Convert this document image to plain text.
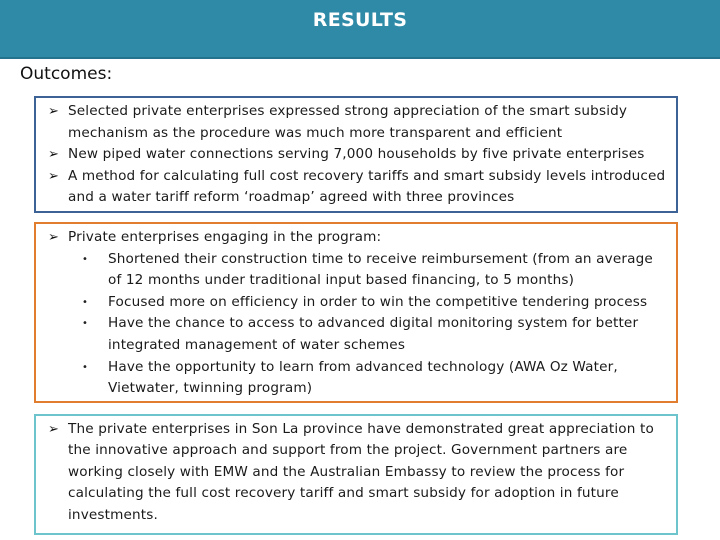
RESULTS
Outcomes:
➢ Selected private enterprises expressed strong appreciation of the smart subsidy mechanism as the procedure was much more transparent and efficient
➢ New piped water connections serving 7,000 households by five private enterprises
➢ A method for calculating full cost recovery tariffs and smart subsidy levels introduced and a water tariff reform ‘roadmap’ agreed with three provinces
➢ Private enterprises engaging in the program:
•	Shortened their construction time to receive reimbursement (from an average of 12 months under traditional input based financing, to 5 months)
•	Focused more on efficiency in order to win the competitive tendering process
•	Have the chance to access to advanced digital monitoring system for better integrated management of water schemes
•	Have the opportunity to learn from advanced technology (AWA Oz Water, Vietwater, twinning program)
➢ The private enterprises in Son La province have demonstrated great appreciation to the innovative approach and support from the project. Government partners are working closely with EMW and the Australian Embassy to review the process for calculating the full cost recovery tariff and smart subsidy for adoption in future investments.
